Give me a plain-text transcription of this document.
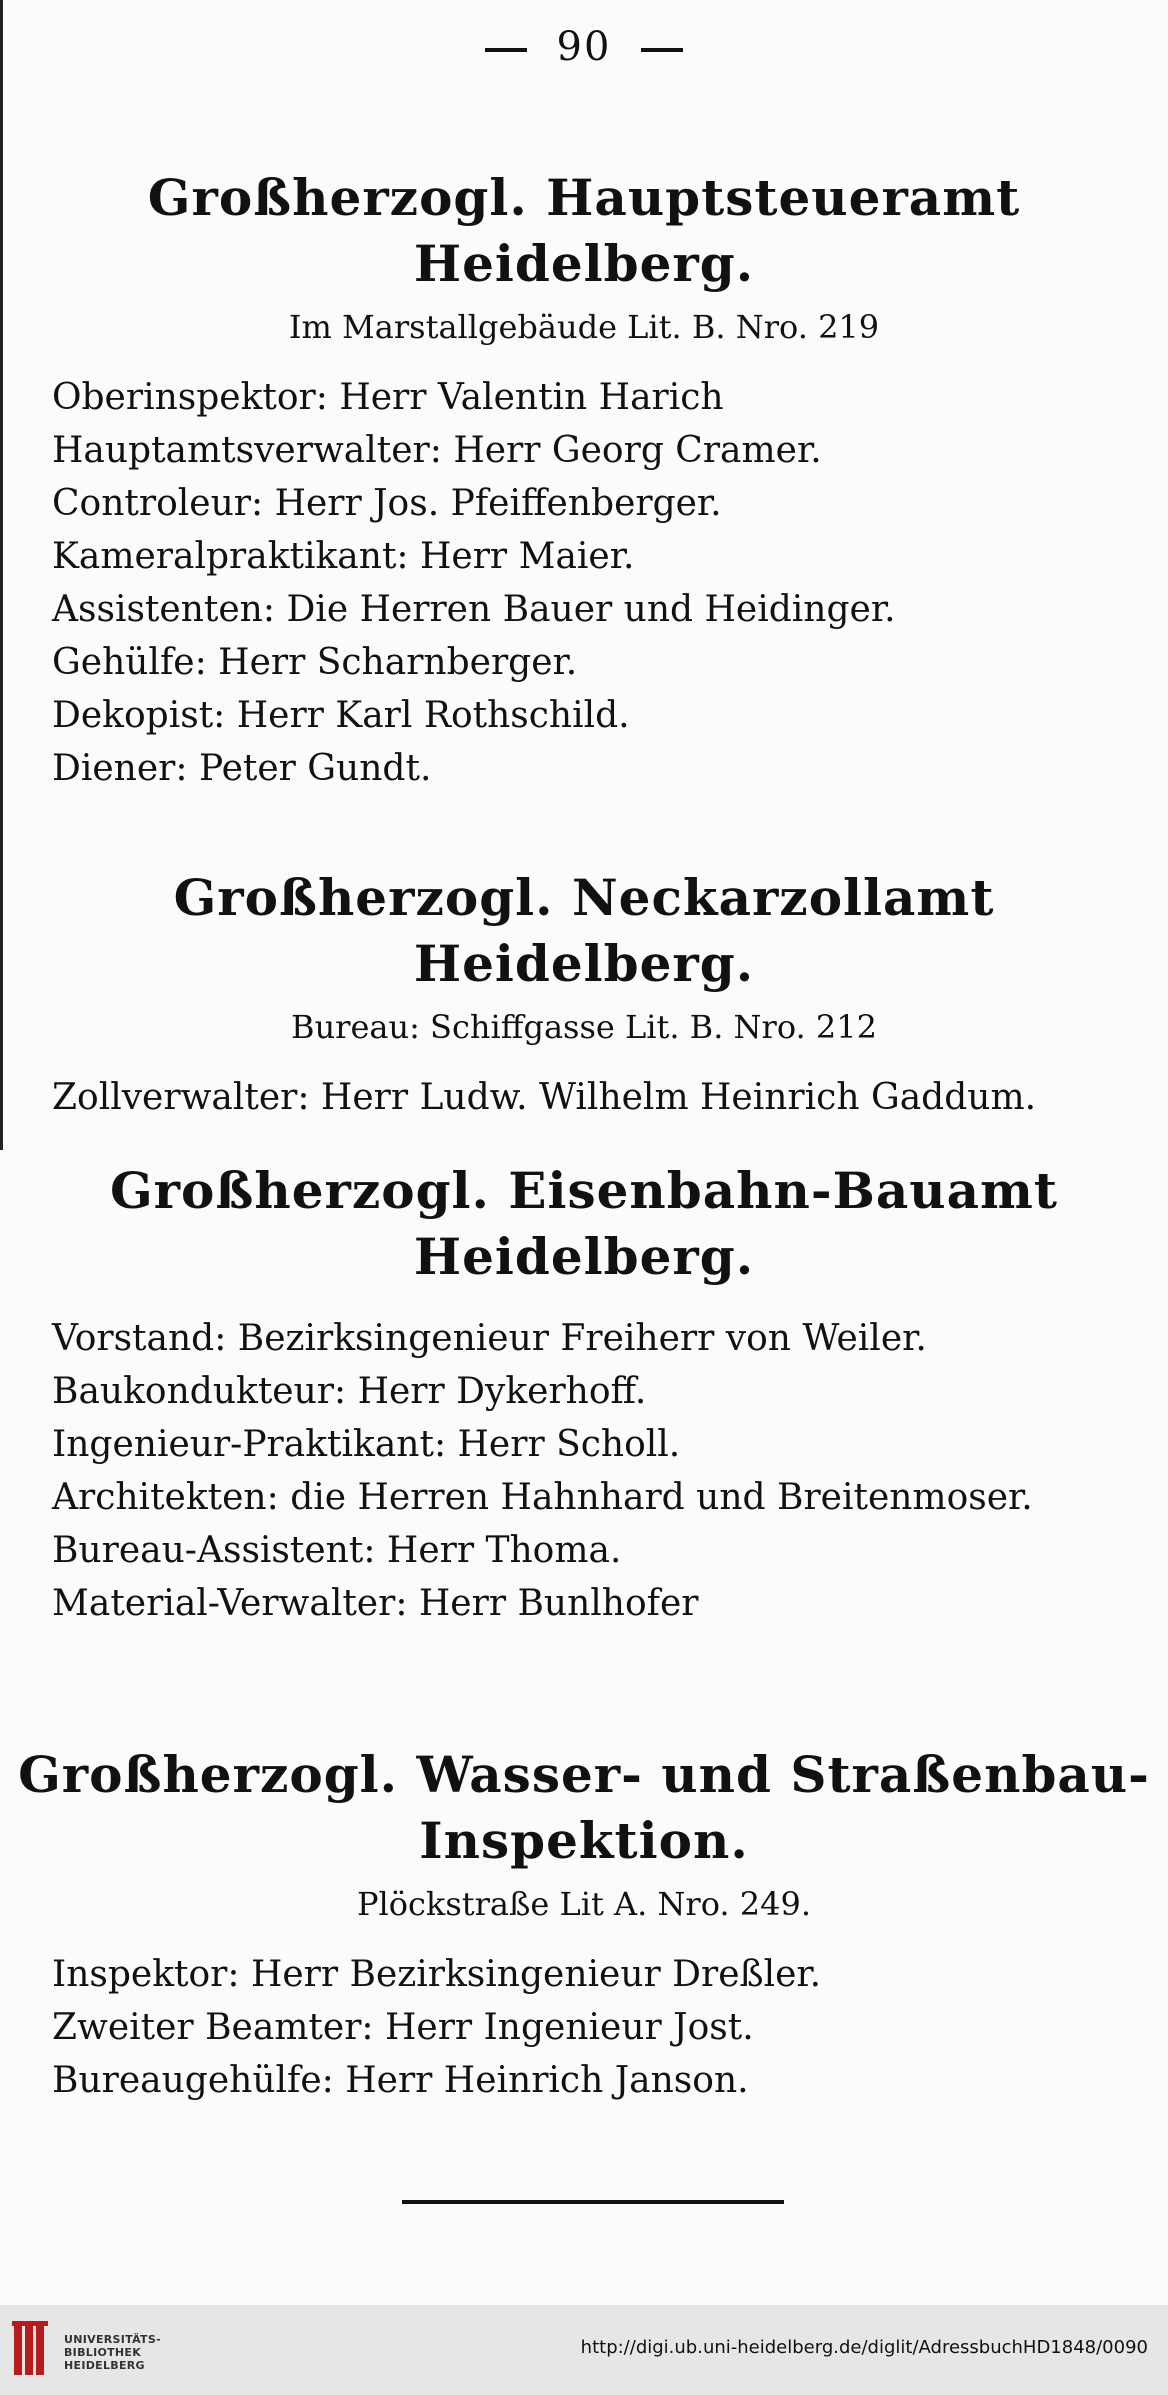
90
Großherzogl. Hauptsteueramt Heidelberg.
Im Marstallgebäude Lit. B. Nro. 219
Oberinspektor: Herr Valentin Harich
Hauptamtsverwalter: Herr Georg Cramer.
Controleur: Herr Jos. Pfeiffenberger.
Kameralpraktikant: Herr Maier.
Assistenten: Die Herren Bauer und Heidinger.
Gehülfe: Herr Scharnberger.
Dekopist: Herr Karl Rothschild.
Diener: Peter Gundt.
Großherzogl. Neckarzollamt Heidelberg.
Bureau: Schiffgasse Lit. B. Nro. 212
Zollverwalter: Herr Ludw. Wilhelm Heinrich Gaddum.
Großherzogl. Eisenbahn-Bauamt
Heidelberg.
Vorstand: Bezirksingenieur Freiherr von Weiler.
Baukondukteur: Herr Dykerhoff.
Ingenieur-Praktikant: Herr Scholl.
Architekten: die Herren Hahnhard und Breitenmoser.
Bureau-Assistent: Herr Thoma.
Material-Verwalter: Herr Bunlhofer
Großherzogl. Wasser- und Straßenbau-
Inspektion.
Plöckstraße Lit A. Nro. 249.
Inspektor: Herr Bezirksingenieur Dreßler.
Zweiter Beamter: Herr Ingenieur Jost.
Bureaugehülfe: Herr Heinrich Janson.
UNIVERSITÄTS-
BIBLIOTHEK
HEIDELBERG
http://digi.ub.uni-heidelberg.de/diglit/AdressbuchHD1848/0090
